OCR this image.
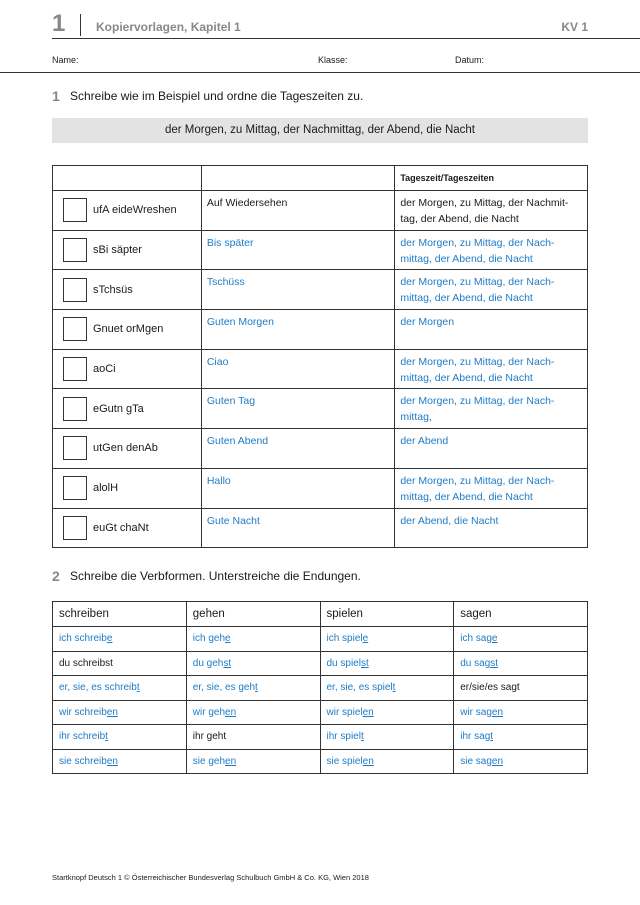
1	Kopiervorlagen, Kapitel 1	KV 1
Name:	Klasse:	Datum:
1 Schreibe wie im Beispiel und ordne die Tageszeiten zu.
der Morgen, zu Mittag, der Nachmittag, der Abend, die Nacht
		Tageszeit/Tageszeiten

ufA eideWreshen	Auf Wiedersehen	der Morgen, zu Mittag, der Nachmit-
tag, der Abend, die Nacht

sBi säpter	Bis später	der Morgen, zu Mittag, der Nach-
mittag, der Abend, die Nacht

sTchsüs	Tschüss	der Morgen, zu Mittag, der Nach-
mittag, der Abend, die Nacht

Gnuet orMgen	Guten Morgen	der Morgen

aoCi	Ciao	der Morgen, zu Mittag, der Nach-
mittag, der Abend, die Nacht

eGutn gTa	Guten Tag	der Morgen, zu Mittag, der Nach-
mittag,

utGen denAb	Guten Abend	der Abend

alolH	Hallo	der Morgen, zu Mittag, der Nach-
mittag, der Abend, die Nacht

euGt chaNt	Gute Nacht	der Abend, die Nacht
2 Schreibe die Verbformen. Unterstreiche die Endungen.
schreiben	gehen	spielen	sagen
ich schreibe	ich gehe	ich spiele	ich sage
du schreibst	du gehst	du spielst	du sagst
er, sie, es schreibt	er, sie, es geht	er, sie, es spielt	er/sie/es sagt
wir schreiben	wir gehen	wir spielen	wir sagen
ihr schreibt	ihr geht	ihr spielt	ihr sagt
sie schreiben	sie gehen	sie spielen	sie sagen
Startknopf Deutsch 1 © Österreichischer Bundesverlag Schulbuch GmbH & Co. KG, Wien 2018
